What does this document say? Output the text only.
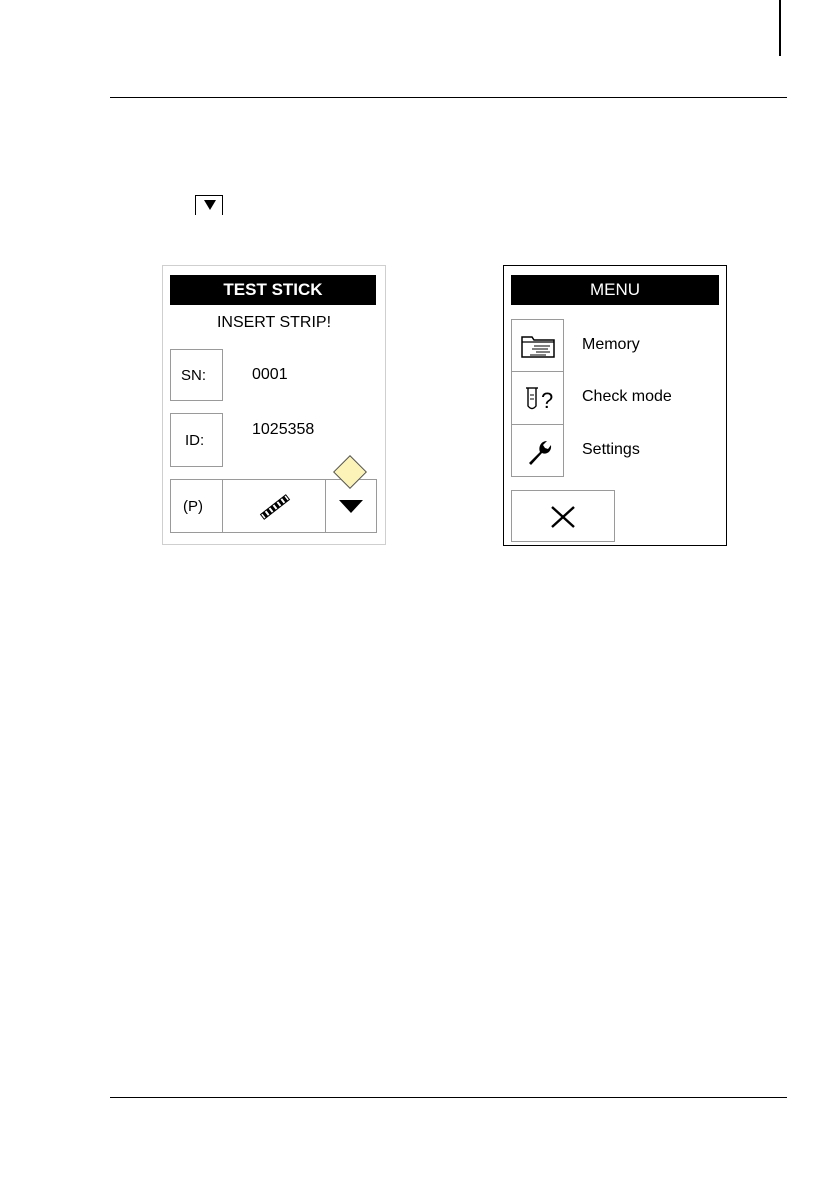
TEST STICK
INSERT STRIP!
SN:	0001
ID:
1025358
(P)
MENU
Memory
? Check mode
Settings
